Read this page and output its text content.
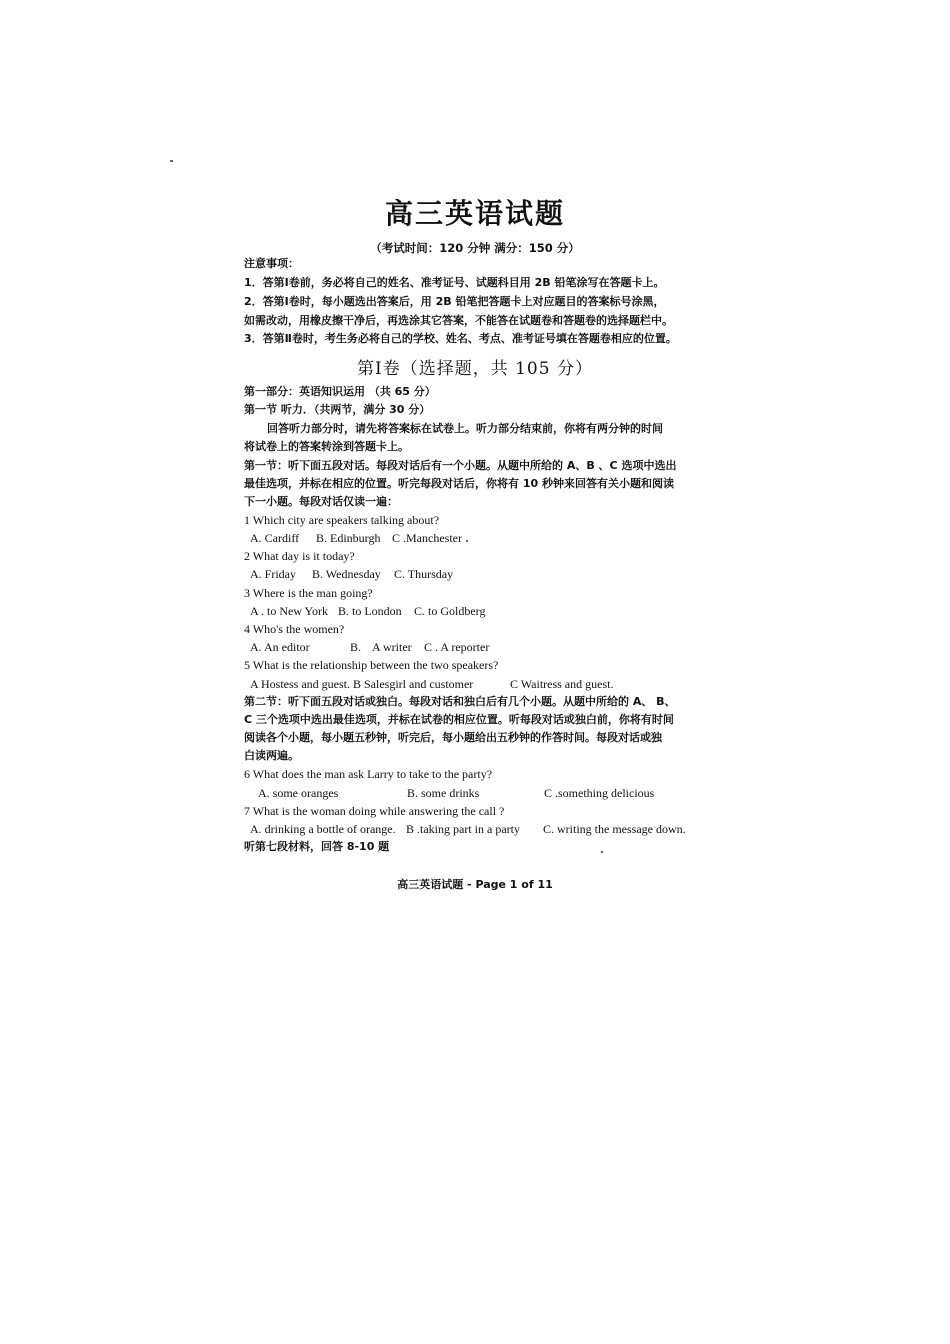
高三英语试题
（考试时间：120 分钟 满分：150 分）
注意事项：
1．答第Ⅰ卷前，务必将自己的姓名、准考证号、试题科目用 2B 铅笔涂写在答题卡上。
2．答第Ⅰ卷时，每小题选出答案后，用 2B 铅笔把答题卡上对应题目的答案标号涂黑，
如需改动，用橡皮擦干净后，再选涂其它答案，不能答在试题卷和答题卷的选择题栏中。
3．答第Ⅱ卷时，考生务必将自己的学校、姓名、考点、准考证号填在答题卷相应的位置。
第Ⅰ卷（选择题，共 105 分）
第一部分：英语知识运用 （共 65 分）
第一节 听力．（共两节，满分 30 分）
回答听力部分时，请先将答案标在试卷上。听力部分结束前，你将有两分钟的时间
将试卷上的答案转涂到答题卡上。
第一节：听下面五段对话。每段对话后有一个小题。从题中所给的 A、B 、C 选项中选出
最佳选项，并标在相应的位置。听完每段对话后，你将有 10 秒钟来回答有关小题和阅读
下一小题。每段对话仅读一遍：
1 Which city are speakers talking about?
A. Cardiff B. Edinburgh C .Manchester
2 What day is it today?
A. Friday B. Wednesday C. Thursday
3 Where is the man going?
A . to New York B. to London C. to Goldberg
4 Who's the women?
A. An editor	B. A writer C . A reporter
5 What is the relationship between the two speakers?
A Hostess and guest. B Salesgirl and customer	C Waitress and guest.
第二节：听下面五段对话或独白。每段对话和独白后有几个小题。从题中所给的 A、 B、
C 三个选项中选出最佳选项，并标在试卷的相应位置。听每段对话或独白前，你将有时间
阅读各个小题，每小题五秒钟，听完后，每小题给出五秒钟的作答时间。每段对话或独
白读两遍。
6 What does the man ask Larry to take to the party?
A. some oranges	B. some drinks	C .something delicious
7 What is the woman doing while answering the call ?
A. drinking a bottle of orange. B .taking part in a party C. writing the message down.
听第七段材料，回答 8-10 题
高三英语试题 - Page 1 of 11
